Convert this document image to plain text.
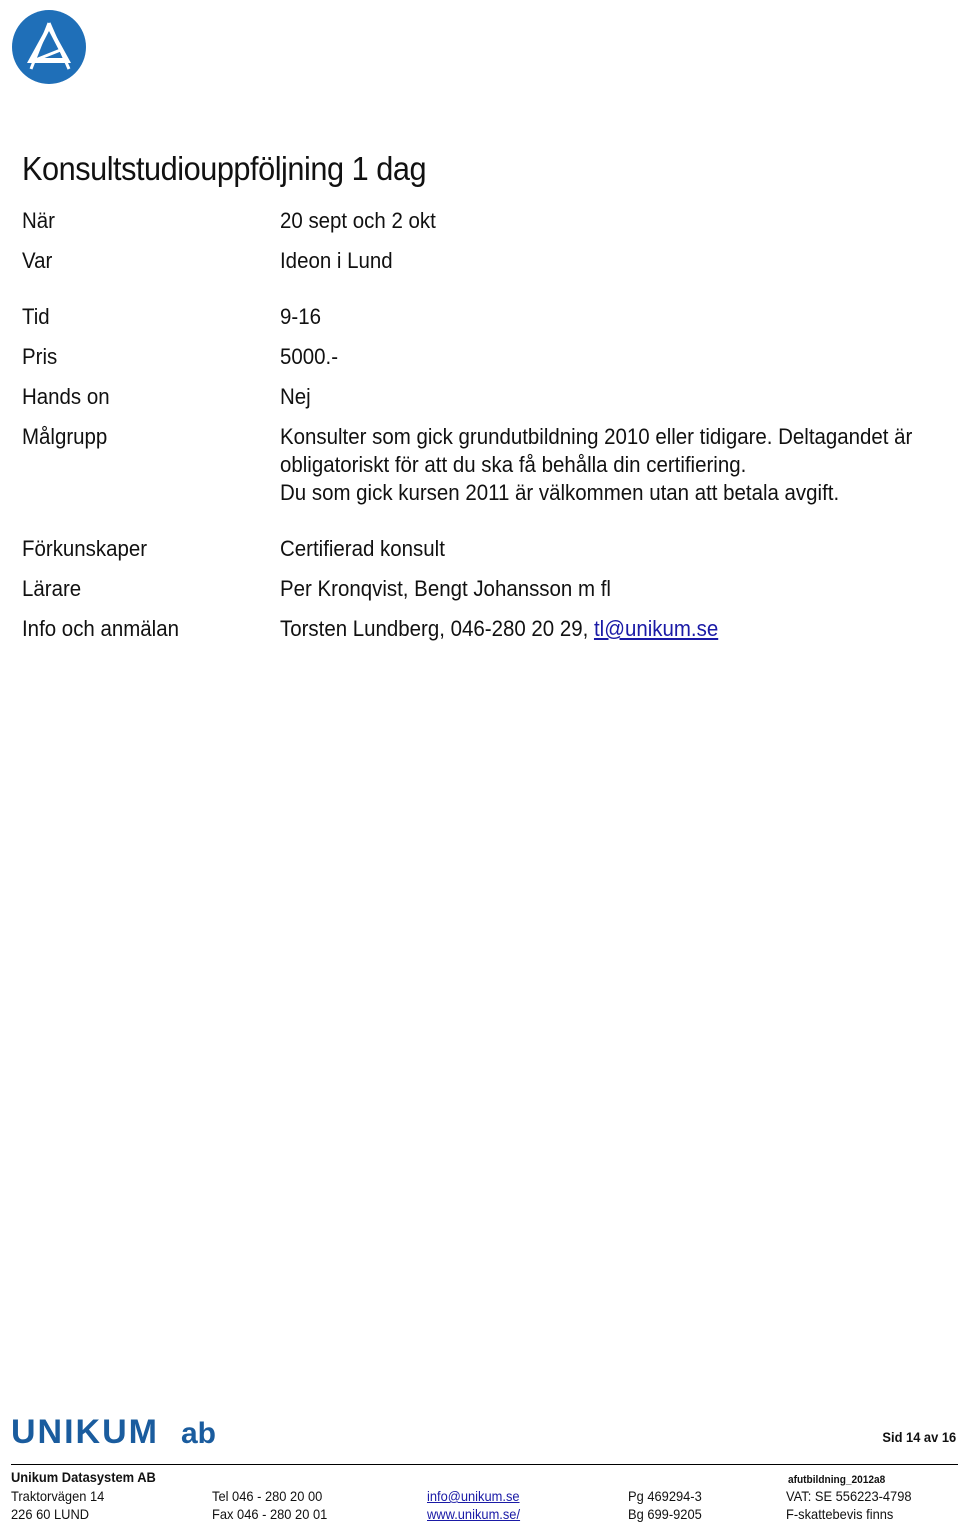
Konsultstudiouppföljning 1 dag
När	20 sept och 2 okt
Var	Ideon i Lund
Tid	9-16
Pris	5000.-
Hands on	Nej
Målgrupp	Konsulter som gick grundutbildning 2010 eller tidigare. Deltagandet är
obligatoriskt för att du ska få behålla din certifiering.
Du som gick kursen 2011 är välkommen utan att betala avgift.
Förkunskaper	Certifierad konsult
Lärare	Per Kronqvist, Bengt Johansson m fl
Info och anmälan	Torsten Lundberg, 046-280 20 29, tl@unikum.se
UNIKUM ab	Sid 14 av 16
Unikum Datasystem AB	afutbildning_2012a8
Traktorvägen 14
226 60 LUND
Tel 046 - 280 20 00
Fax 046 - 280 20 01
info@unikum.se
www.unikum.se/
Pg 469294-3
Bg 699-9205
VAT: SE 556223-4798
F-skattebevis finns
